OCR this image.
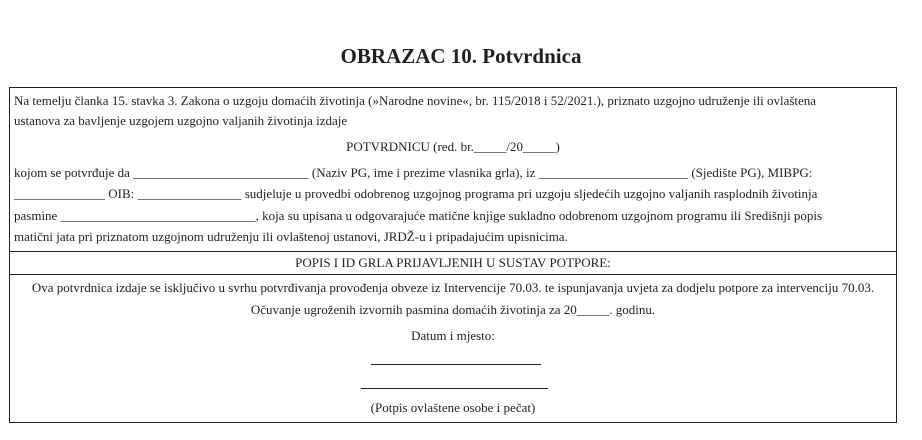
OBRAZAC 10. Potvrdnica
Na temelju članka 15. stavka 3. Zakona o uzgoju domaćih životinja (»Narodne novine«, br. 115/2018 i 52/2021.), priznato uzgojno udruženje ili ovlaštena
ustanova za bavljenje uzgojem uzgojno valjanih životinja izdaje
POTVRDNICU (red. br._____/20_____)
kojom se potvrđuje da ___________________________ (Naziv PG, ime i prezime vlasnika grla), iz _______________________ (Sjedište PG), MIBPG:
______________ OIB: ________________ sudjeluje u provedbi odobrenog uzgojnog programa pri uzgoju sljedećih uzgojno valjanih rasplodnih životinja
pasmine ______________________________, koja su upisana u odgovarajuće matične knjige sukladno odobrenom uzgojnom programu ili Središnji popis
matični jata pri priznatom uzgojnom udruženju ili ovlaštenoj ustanovi, JRDŽ-u i pripadajućim upisnicima.
POPIS I ID GRLA PRIJAVLJENIH U SUSTAV POTPORE:
Ova potvrdnica izdaje se isključivo u svrhu potvrđivanja provođenja obveze iz Intervencije 70.03. te ispunjavanja uvjeta za dodjelu potpore za intervenciju 70.03.
Očuvanje ugroženih izvornih pasmina domaćih životinja za 20_____. godinu.
Datum i mjesto:
(Potpis ovlaštene osobe i pečat)
